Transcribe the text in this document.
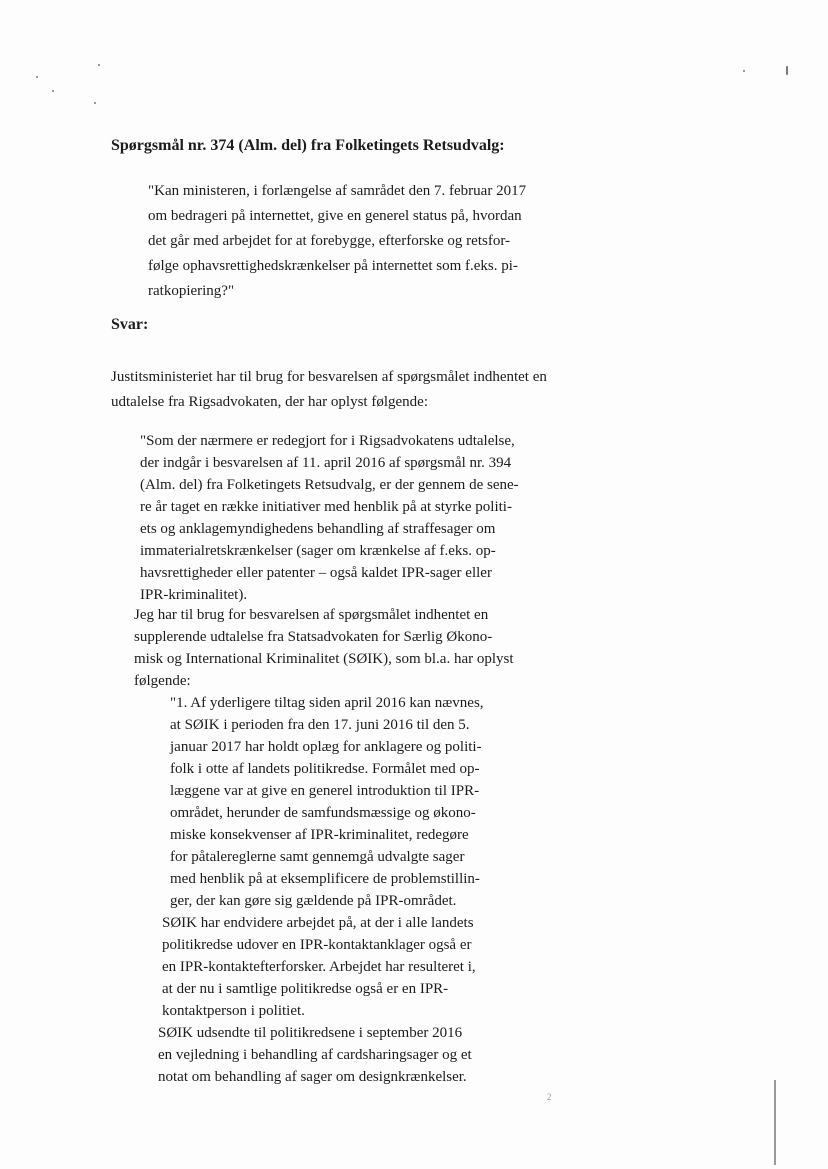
Spørgsmål nr. 374 (Alm. del) fra Folketingets Retsudvalg:
"Kan ministeren, i forlængelse af samrådet den 7. februar 2017
om bedrageri på internettet, give en generel status på, hvordan
det går med arbejdet for at forebygge, efterforske og retsfor-
følge ophavsrettighedskrænkelser på internettet som f.eks. pi-
ratkopiering?"
Svar:
Justitsministeriet har til brug for besvarelsen af spørgsmålet indhentet en
udtalelse fra Rigsadvokaten, der har oplyst følgende:
"Som der nærmere er redegjort for i Rigsadvokatens udtalelse,
der indgår i besvarelsen af 11. april 2016 af spørgsmål nr. 394
(Alm. del) fra Folketingets Retsudvalg, er der gennem de sene-
re år taget en række initiativer med henblik på at styrke politi-
ets og anklagemyndighedens behandling af straffesager om
immaterialretskrænkelser (sager om krænkelse af f.eks. op-
havsrettigheder eller patenter – også kaldet IPR-sager eller
IPR-kriminalitet).
Jeg har til brug for besvarelsen af spørgsmålet indhentet en
supplerende udtalelse fra Statsadvokaten for Særlig Økono-
misk og International Kriminalitet (SØIK), som bl.a. har oplyst
følgende:
"1. Af yderligere tiltag siden april 2016 kan nævnes,
at SØIK i perioden fra den 17. juni 2016 til den 5.
januar 2017 har holdt oplæg for anklagere og politi-
folk i otte af landets politikredse. Formålet med op-
læggene var at give en generel introduktion til IPR-
området, herunder de samfundsmæssige og økono-
miske konsekvenser af IPR-kriminalitet, redegøre
for påtalereglerne samt gennemgå udvalgte sager
med henblik på at eksemplificere de problemstillin-
ger, der kan gøre sig gældende på IPR-området.
SØIK har endvidere arbejdet på, at der i alle landets
politikredse udover en IPR-kontaktanklager også er
en IPR-kontaktefterforsker. Arbejdet har resulteret i,
at der nu i samtlige politikredse også er en IPR-
kontaktperson i politiet.
SØIK udsendte til politikredsene i september 2016
en vejledning i behandling af cardsharingsager og et
notat om behandling af sager om designkrænkelser.
2
